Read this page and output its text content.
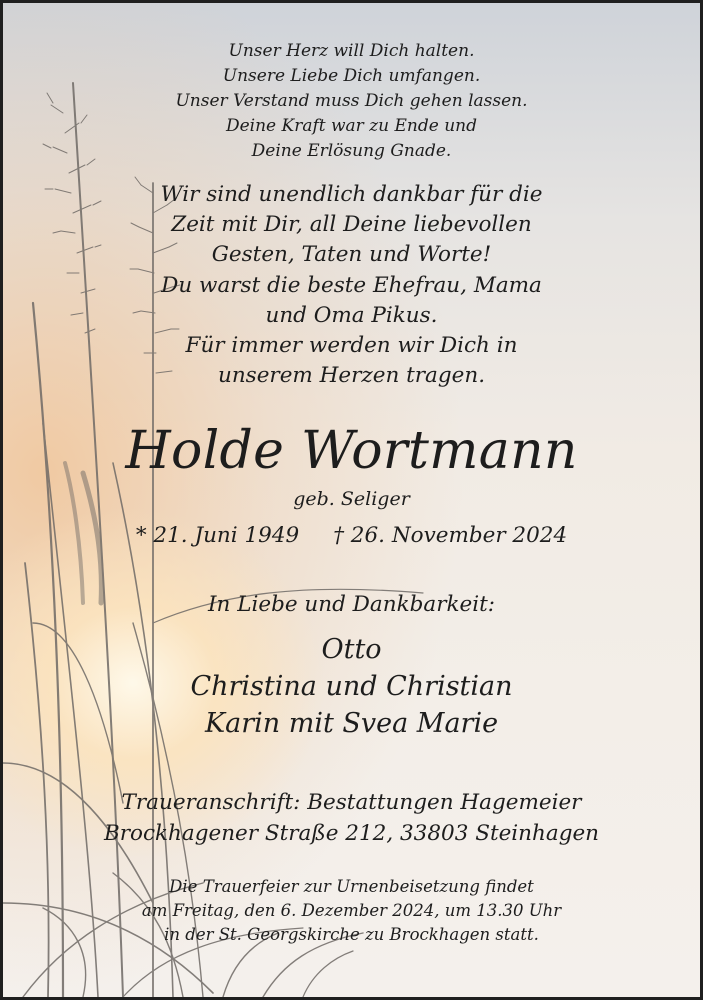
Unser Herz will Dich halten.
Unsere Liebe Dich umfangen.
Unser Verstand muss Dich gehen lassen.
Deine Kraft war zu Ende und
Deine Erlösung Gnade.
Wir sind unendlich dankbar für die
Zeit mit Dir, all Deine liebevollen
Gesten, Taten und Worte!
Du warst die beste Ehefrau, Mama
und Oma Pikus.
Für immer werden wir Dich in
unserem Herzen tragen.
Holde Wortmann
geb. Seliger
* 21. Juni 1949 † 26. November 2024
In Liebe und Dankbarkeit:
Otto
Christina und Christian
Karin mit Svea Marie
Traueranschrift: Bestattungen Hagemeier
Brockhagener Straße 212, 33803 Steinhagen
Die Trauerfeier zur Urnenbeisetzung findet
am Freitag, den 6. Dezember 2024, um 13.30 Uhr
in der St. Georgskirche zu Brockhagen statt.
